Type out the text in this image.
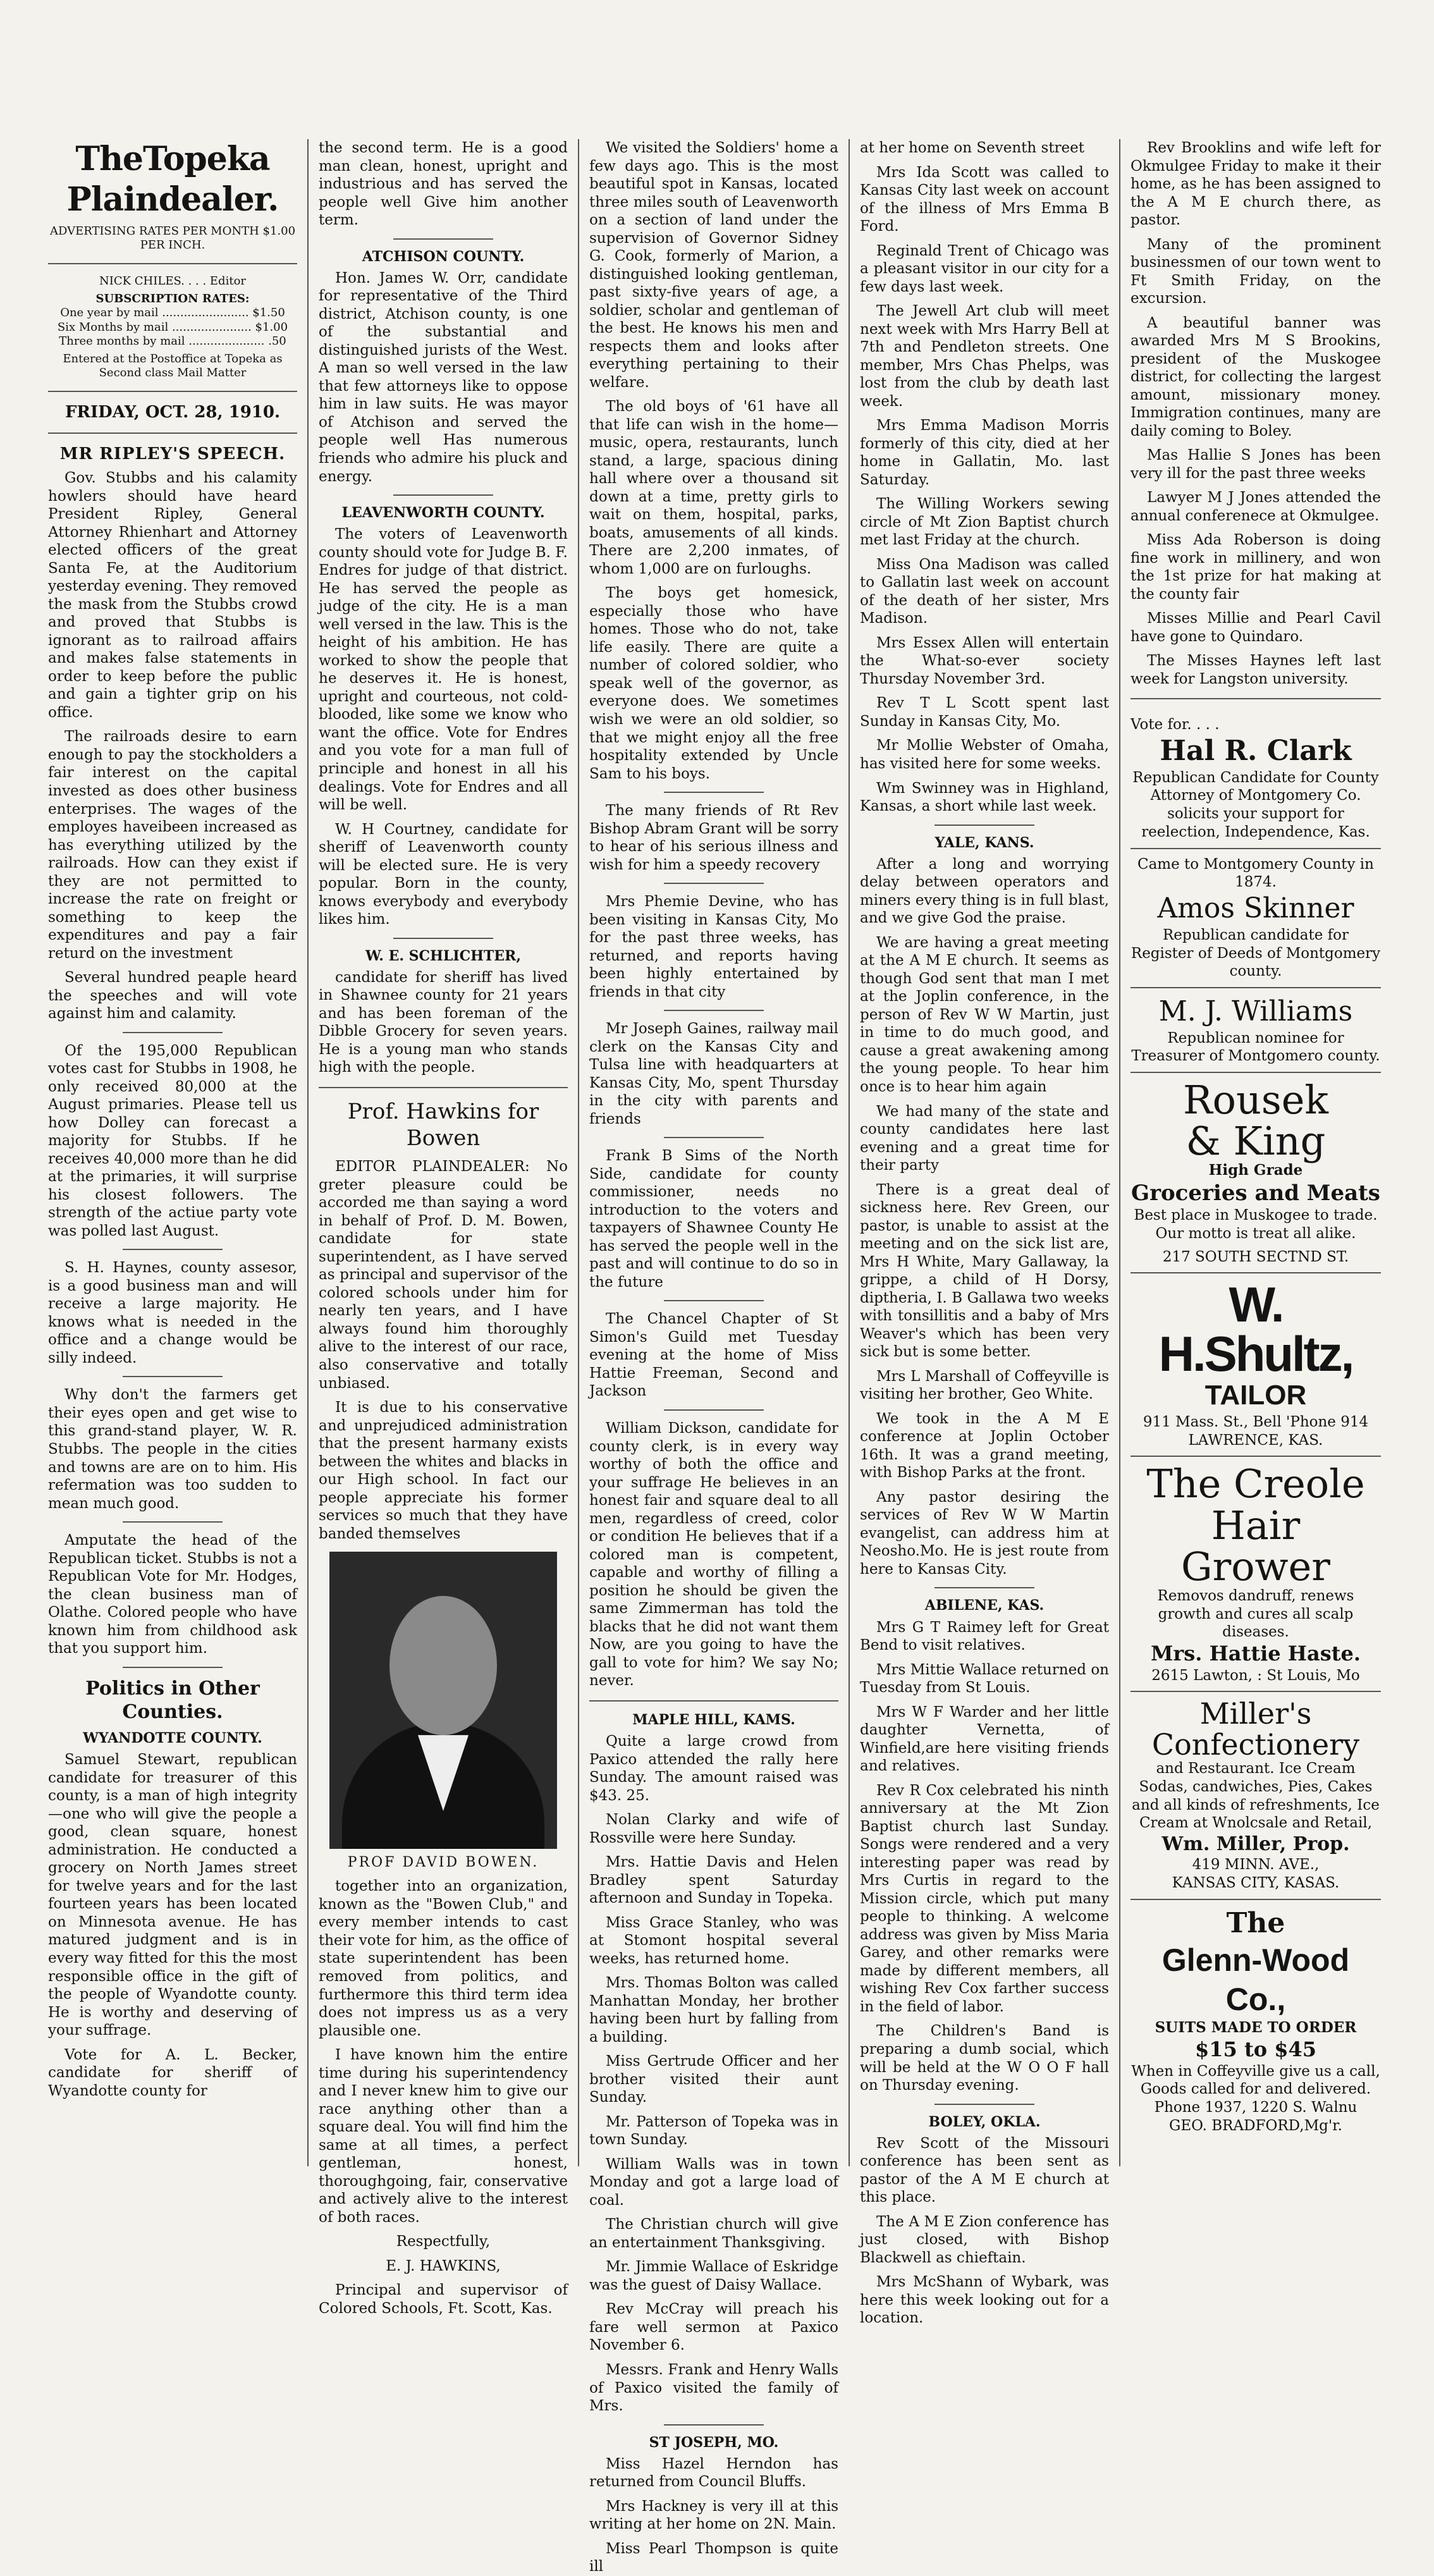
TheTopeka Plaindealer.
ADVERTISING RATES PER MONTH $1.00 PER INCH.
NICK CHILES. . . . Editor
SUBSCRIPTION RATES:
One year by mail ........................ $1.50
Six Months by mail ...................... $1.00
Three months by mail ..................... .50
Entered at the Postoffice at Topeka as Second class Mail Matter
FRIDAY, OCT. 28, 1910.
MR RIPLEY'S SPEECH.

Gov. Stubbs and his calamity howlers should have heard President Ripley, General Attorney Rhienhart and Attorney elected officers of the great Santa Fe, at the Auditorium yesterday evening. They removed the mask from the Stubbs crowd and proved that Stubbs is ignorant as to railroad affairs and makes false statements in order to keep before the public and gain a tighter grip on his office.

The railroads desire to earn enough to pay the stockholders a fair interest on the capital invested as does other business enterprises. The wages of the employes haveibeen increased as has everything utilized by the railroads. How can they exist if they are not permitted to increase the rate on freight or something to keep the expenditures and pay a fair returd on the investment

Several hundred peaple heard the speeches and will vote against him and calamity.

Of the 195,000 Republican votes cast for Stubbs in 1908, he only received 80,000 at the August primaries. Please tell us how Dolley can forecast a majority for Stubbs. If he receives 40,000 more than he did at the primaries, it will surprise his closest followers. The strength of the actiue party vote was polled last August.

S. H. Haynes, county assesor, is a good business man and will receive a large majority. He knows what is needed in the office and a change would be silly indeed.

Why don't the farmers get their eyes open and get wise to this grand-stand player, W. R. Stubbs. The people in the cities and towns are are on to him. His refermation was too sudden to mean much good.

Amputate the head of the Republican ticket. Stubbs is not a Republican Vote for Mr. Hodges, the clean business man of Olathe. Colored people who have known him from childhood ask that you support him.

Politics in Other Counties.
WYANDOTTE COUNTY.

Samuel Stewart, republican candidate for treasurer of this county, is a man of high integrity—one who will give the people a good, clean square, honest administration. He conducted a grocery on North James street for twelve years and for the last fourteen years has been located on Minnesota avenue. He has matured judgment and is in every way fitted for this the most responsible office in the gift of the people of Wyandotte county. He is worthy and deserving of your suffrage.

Vote for A. L. Becker, candidate for sheriff of Wyandotte county for

the second term. He is a good man clean, honest, upright and industrious and has served the people well Give him another term.

ATCHISON COUNTY.

Hon. James W. Orr, candidate for representative of the Third district, Atchison county, is one of the substantial and distinguished jurists of the West. A man so well versed in the law that few attorneys like to oppose him in law suits. He was mayor of Atchison and served the people well Has numerous friends who admire his pluck and energy.

LEAVENWORTH COUNTY.

The voters of Leavenworth county should vote for Judge B. F. Endres for judge of that district. He has served the people as judge of the city. He is a man well versed in the law. This is the height of his ambition. He has worked to show the people that he deserves it. He is honest, upright and courteous, not cold-blooded, like some we know who want the office. Vote for Endres and you vote for a man full of principle and honest in all his dealings. Vote for Endres and all will be well.

W. H Courtney, candidate for sheriff of Leavenworth county will be elected sure. He is very popular. Born in the county, knows everybody and everybody likes him.

W. E. SCHLICHTER,

candidate for sheriff has lived in Shawnee county for 21 years and has been foreman of the Dibble Grocery for seven years. He is a young man who stands high with the people.

Prof. Hawkins for Bowen

EDITOR PLAINDEALER: No greter pleasure could be accorded me than saying a word in behalf of Prof. D. M. Bowen, candidate for state superintendent, as I have served as principal and supervisor of the colored schools under him for nearly ten years, and I have always found him thoroughly alive to the interest of our race, also conservative and totally unbiased.

It is due to his conservative and unprejudiced administration that the present harmany exists between the whites and blacks in our High school. In fact our people appreciate his former services so much that they have banded themselves

PROF DAVID BOWEN.

together into an organization, known as the "Bowen Club," and every member intends to cast their vote for him, as the office of state superintendent has been removed from politics, and furthermore this third term idea does not impress us as a very plausible one.

I have known him the entire time during his superintendency and I never knew him to give our race anything other than a square deal. You will find him the same at all times, a perfect gentleman, honest, thoroughgoing, fair, conservative and actively alive to the interest of both races.

Respectfully,

E. J. HAWKINS,

Principal and supervisor of Colored Schools, Ft. Scott, Kas.

We visited the Soldiers' home a few days ago. This is the most beautiful spot in Kansas, located three miles south of Leavenworth on a section of land under the supervision of Governor Sidney G. Cook, formerly of Marion, a distinguished looking gentleman, past sixty-five years of age, a soldier, scholar and gentleman of the best. He knows his men and respects them and looks after everything pertaining to their welfare.

The old boys of '61 have all that life can wish in the home—music, opera, restaurants, lunch stand, a large, spacious dining hall where over a thousand sit down at a time, pretty girls to wait on them, hospital, parks, boats, amusements of all kinds. There are 2,200 inmates, of whom 1,000 are on furloughs.

The boys get homesick, especially those who have homes. Those who do not, take life easily. There are quite a number of colored soldier, who speak well of the governor, as everyone does. We sometimes wish we were an old soldier, so that we might enjoy all the free hospitality extended by Uncle Sam to his boys.

The many friends of Rt Rev Bishop Abram Grant will be sorry to hear of his serious illness and wish for him a speedy recovery

Mrs Phemie Devine, who has been visiting in Kansas City, Mo for the past three weeks, has returned, and reports having been highly entertained by friends in that city

Mr Joseph Gaines, railway mail clerk on the Kansas City and Tulsa line with headquarters at Kansas City, Mo, spent Thursday in the city with parents and friends

Frank B Sims of the North Side, candidate for county commissioner, needs no introduction to the voters and taxpayers of Shawnee County He has served the people well in the past and will continue to do so in the future

The Chancel Chapter of St Simon's Guild met Tuesday evening at the home of Miss Hattie Freeman, Second and Jackson

William Dickson, candidate for county clerk, is in every way worthy of both the office and your suffrage He believes in an honest fair and square deal to all men, regardless of creed, color or condition He believes that if a colored man is competent, capable and worthy of filling a position he should be given the same Zimmerman has told the blacks that he did not want them Now, are you going to have the gall to vote for him? We say No; never.

MAPLE HILL, KAMS.

Quite a large crowd from Paxico attended the rally here Sunday. The amount raised was $43. 25.

Nolan Clarky and wife of Rossville were here Sunday.

Mrs. Hattie Davis and Helen Bradley spent Saturday afternoon and Sunday in Topeka.

Miss Grace Stanley, who was at Stomont hospital several weeks, has returned home.

Mrs. Thomas Bolton was called Manhattan Monday, her brother having been hurt by falling from a building.

Miss Gertrude Officer and her brother visited their aunt Sunday.

Mr. Patterson of Topeka was in town Sunday.

William Walls was in town Monday and got a large load of coal.

The Christian church will give an entertainment Thanksgiving.

Mr. Jimmie Wallace of Eskridge was the guest of Daisy Wallace.

Rev McCray will preach his fare well sermon at Paxico November 6.

Messrs. Frank and Henry Walls of Paxico visited the family of Mrs.

ST JOSEPH, MO.

Miss Hazel Herndon has returned from Council Bluffs.

Mrs Hackney is very ill at this writing at her home on 2N. Main.

Miss Pearl Thompson is quite ill

at her home on Seventh street

Mrs Ida Scott was called to Kansas City last week on account of the illness of Mrs Emma B Ford.

Reginald Trent of Chicago was a pleasant visitor in our city for a few days last week.

The Jewell Art club will meet next week with Mrs Harry Bell at 7th and Pendleton streets. One member, Mrs Chas Phelps, was lost from the club by death last week.

Mrs Emma Madison Morris formerly of this city, died at her home in Gallatin, Mo. last Saturday.

The Willing Workers sewing circle of Mt Zion Baptist church met last Friday at the church.

Miss Ona Madison was called to Gallatin last week on account of the death of her sister, Mrs Madison.

Mrs Essex Allen will entertain the What-so-ever society Thursday November 3rd.

Rev T L Scott spent last Sunday in Kansas City, Mo.

Mr Mollie Webster of Omaha, has visited here for some weeks.

Wm Swinney was in Highland, Kansas, a short while last week.

YALE, KANS.

After a long and worrying delay between operators and miners every thing is in full blast, and we give God the praise.

We are having a great meeting at the A M E church. It seems as though God sent that man I met at the Joplin conference, in the person of Rev W W Martin, just in time to do much good, and cause a great awakening among the young people. To hear him once is to hear him again

We had many of the state and county candidates here last evening and a great time for their party

There is a great deal of sickness here. Rev Green, our pastor, is unable to assist at the meeting and on the sick list are, Mrs H White, Mary Gallaway, la grippe, a child of H Dorsy, diptheria, I. B Gallawa two weeks with tonsillitis and a baby of Mrs Weaver's which has been very sick but is some better.

Mrs L Marshall of Coffeyville is visiting her brother, Geo White.

We took in the A M E conference at Joplin October 16th. It was a grand meeting, with Bishop Parks at the front.

Any pastor desiring the services of Rev W W Martin evangelist, can address him at Neosho.Mo. He is jest route from here to Kansas City.

ABILENE, KAS.

Mrs G T Raimey left for Great Bend to visit relatives.

Mrs Mittie Wallace returned on Tuesday from St Louis.

Mrs W F Warder and her little daughter Vernetta, of Winfield,are here visiting friends and relatives.

Rev R Cox celebrated his ninth anniversary at the Mt Zion Baptist church last Sunday. Songs were rendered and a very interesting paper was read by Mrs Curtis in regard to the Mission circle, which put many people to thinking. A welcome address was given by Miss Maria Garey, and other remarks were made by different members, all wishing Rev Cox farther success in the field of labor.

The Children's Band is preparing a dumb social, which will be held at the W O O F hall on Thursday evening.

BOLEY, OKLA.

Rev Scott of the Missouri conference has been sent as pastor of the A M E church at this place.

The A M E Zion conference has just closed, with Bishop Blackwell as chieftain.

Mrs McShann of Wybark, was here this week looking out for a location.

Rev Brooklins and wife left for Okmulgee Friday to make it their home, as he has been assigned to the A M E church there, as pastor.

Many of the prominent businessmen of our town went to Ft Smith Friday, on the excursion.

A beautiful banner was awarded Mrs M S Brookins, president of the Muskogee district, for collecting the largest amount, missionary money. Immigration continues, many are daily coming to Boley.

Mas Hallie S Jones has been very ill for the past three weeks

Lawyer M J Jones attended the annual conferenece at Okmulgee.

Miss Ada Roberson is doing fine work in millinery, and won the 1st prize for hat making at the county fair

Misses Millie and Pearl Cavil have gone to Quindaro.

The Misses Haynes left last week for Langston university.

Vote for. . . .
Hal R. Clark
Republican Candidate for County Attorney of Montgomery Co. solicits your support for reelection, Independence, Kas.
Came to Montgomery County in 1874.
Amos Skinner
Republican candidate for Register of Deeds of Montgomery county.
M. J. Williams
Republican nominee for Treasurer of Montgomero county.
Rousek
& King
High Grade
Groceries and Meats
Best place in Muskogee to trade. Our motto is treat all alike.
217 SOUTH SECTND ST.
W. H.Shultz,
TAILOR
911 Mass. St., Bell 'Phone 914
LAWRENCE, KAS.
The Creole
Hair Grower
Removos dandruff, renews growth and cures all scalp diseases.
Mrs. Hattie Haste.
2615 Lawton, : St Louis, Mo
Miller's
Confectionery
and Restaurant. Ice Cream Sodas, candwiches, Pies, Cakes and all kinds of refreshments, Ice Cream at Wnolcsale and Retail,
Wm. Miller, Prop.
419 MINN. AVE.,
KANSAS CITY, KASAS.
The
Glenn-Wood Co.,
SUITS MADE TO ORDER
$15 to $45
When in Coffeyville give us a call, Goods called for and delivered.
Phone 1937, 1220 S. Walnu
GEO. BRADFORD,Mg'r.
